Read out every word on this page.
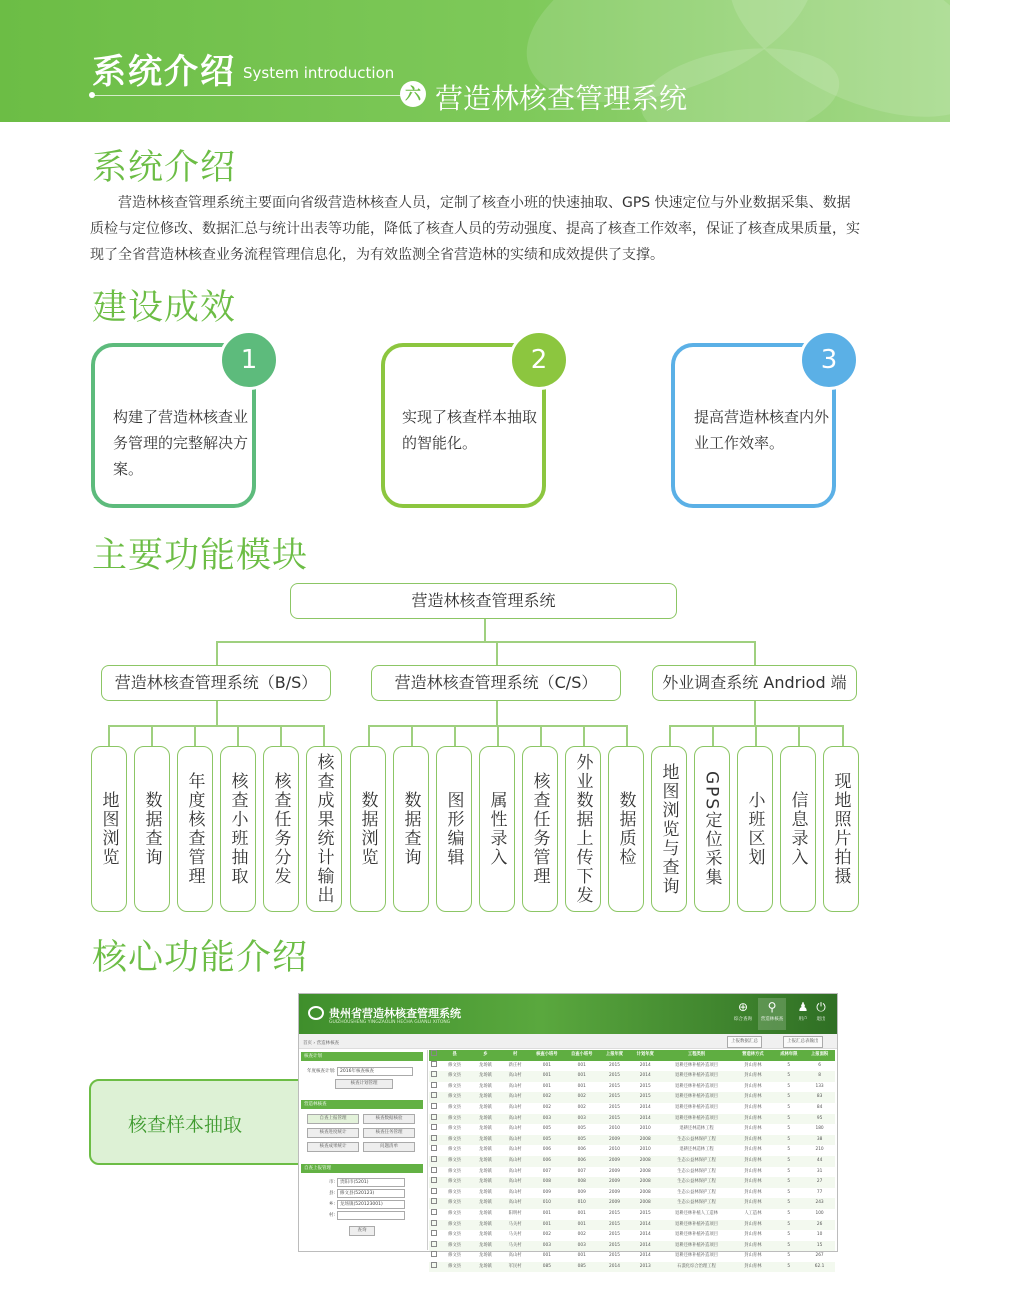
系统介绍 System introduction
六 营造林核查管理系统
系统介绍
营造林核查管理系统主要面向省级营造林核查人员，定制了核查小班的快速抽取、GPS 快速定位与外业数据采集、数据质检与定位修改、数据汇总与统计出表等功能，降低了核查人员的劳动强度、提高了核查工作效率，保证了核查成果质量，实现了全省营造林核查业务流程管理信息化，为有效监测全省营造林的实绩和成效提供了支撑。
建设成效
1
构建了营造林核查业务管理的完整解决方案。
2
实现了核查样本抽取的智能化。
3
提高营造林核查内外业工作效率。
主要功能模块
营造林核查管理系统
营造林核查管理系统（B/S）	营造林核查管理系统（C/S）	外业调查系统 Andriod 端
地图浏览	数据查询	年度核查管理	核查小班抽取	核查任务分发	核查成果统计输出	数据浏览	数据查询	图形编辑	属性录入	核查任务管理	外业数据上传下发	数据质检	地图浏览与查询	GPS定位采集	小班区划	信息录入	现地照片拍摄
核心功能介绍
核查样本抽取
贵州省营造林核查管理系统
GUIZHOUSHENG YINGZAOLIN HECHA GUANLI XITONG
⊕
综合查询
⚲
营造林核查
♟
用户
⏻
退出
首页 › 营造林核查	上报数据汇总	上报汇总表输出
核查计划
年度核查计划: 2016年核查核查
核查计划管理
营造林核查
自查上报管理	核查数据核验
核查进度统计	核查任务管理
核查成果统计	问题清单
自查上报管理
市: 贵阳市(5201)
县: 修文县(520123)
乡: 龙场镇(520123001)
村:
查询
	县	乡	村	核查小班号	自查小班号	上报年度	计划年度	工程类别	营造林方式	成林年限	上报面积
	修文县	龙场镇	新庄村	001	001	2015	2014	退耕还林补植补造项目	封山育林	5	6
	修文县	龙场镇	高山村	001	001	2015	2014	退耕还林补植补造项目	封山育林	5	8
	修文县	龙场镇	高山村	001	001	2015	2015	退耕还林补植补造项目	封山育林	5	133
	修文县	龙场镇	高山村	002	002	2015	2015	退耕还林补植补造项目	封山育林	5	83
	修文县	龙场镇	高山村	002	002	2015	2014	退耕还林补植补造项目	封山育林	5	84
	修文县	龙场镇	高山村	003	003	2015	2014	退耕还林补植补造项目	封山育林	5	95
	修文县	龙场镇	高山村	005	005	2010	2010	退耕还林造林工程	封山育林	5	180
	修文县	龙场镇	高山村	005	005	2009	2008	生态公益林保护工程	封山育林	5	38
	修文县	龙场镇	高山村	006	006	2010	2010	退耕还林造林工程	封山育林	5	210
	修文县	龙场镇	高山村	006	006	2009	2008	生态公益林保护工程	封山育林	5	44
	修文县	龙场镇	高山村	007	007	2009	2008	生态公益林保护工程	封山育林	5	31
	修文县	龙场镇	高山村	008	008	2009	2008	生态公益林保护工程	封山育林	5	27
	修文县	龙场镇	高山村	009	009	2009	2008	生态公益林保护工程	封山育林	5	77
	修文县	龙场镇	高山村	010	010	2009	2008	生态公益林保护工程	封山育林	5	243
	修文县	龙场镇	阳明村	001	001	2015	2015	退耕还林补植人工造林	人工造林	5	100
	修文县	龙场镇	马关村	001	001	2015	2014	退耕还林补植补造项目	封山育林	5	26
	修文县	龙场镇	马关村	002	002	2015	2014	退耕还林补植补造项目	封山育林	5	10
	修文县	龙场镇	马关村	003	003	2015	2014	退耕还林补植补造项目	封山育林	5	15
	修文县	龙场镇	高山村	001	001	2015	2014	退耕还林补植补造项目	封山育林	5	267
	修文县	龙场镇	军民村	085	085	2014	2013	石漠化综合治理工程	封山育林	5	62.1
